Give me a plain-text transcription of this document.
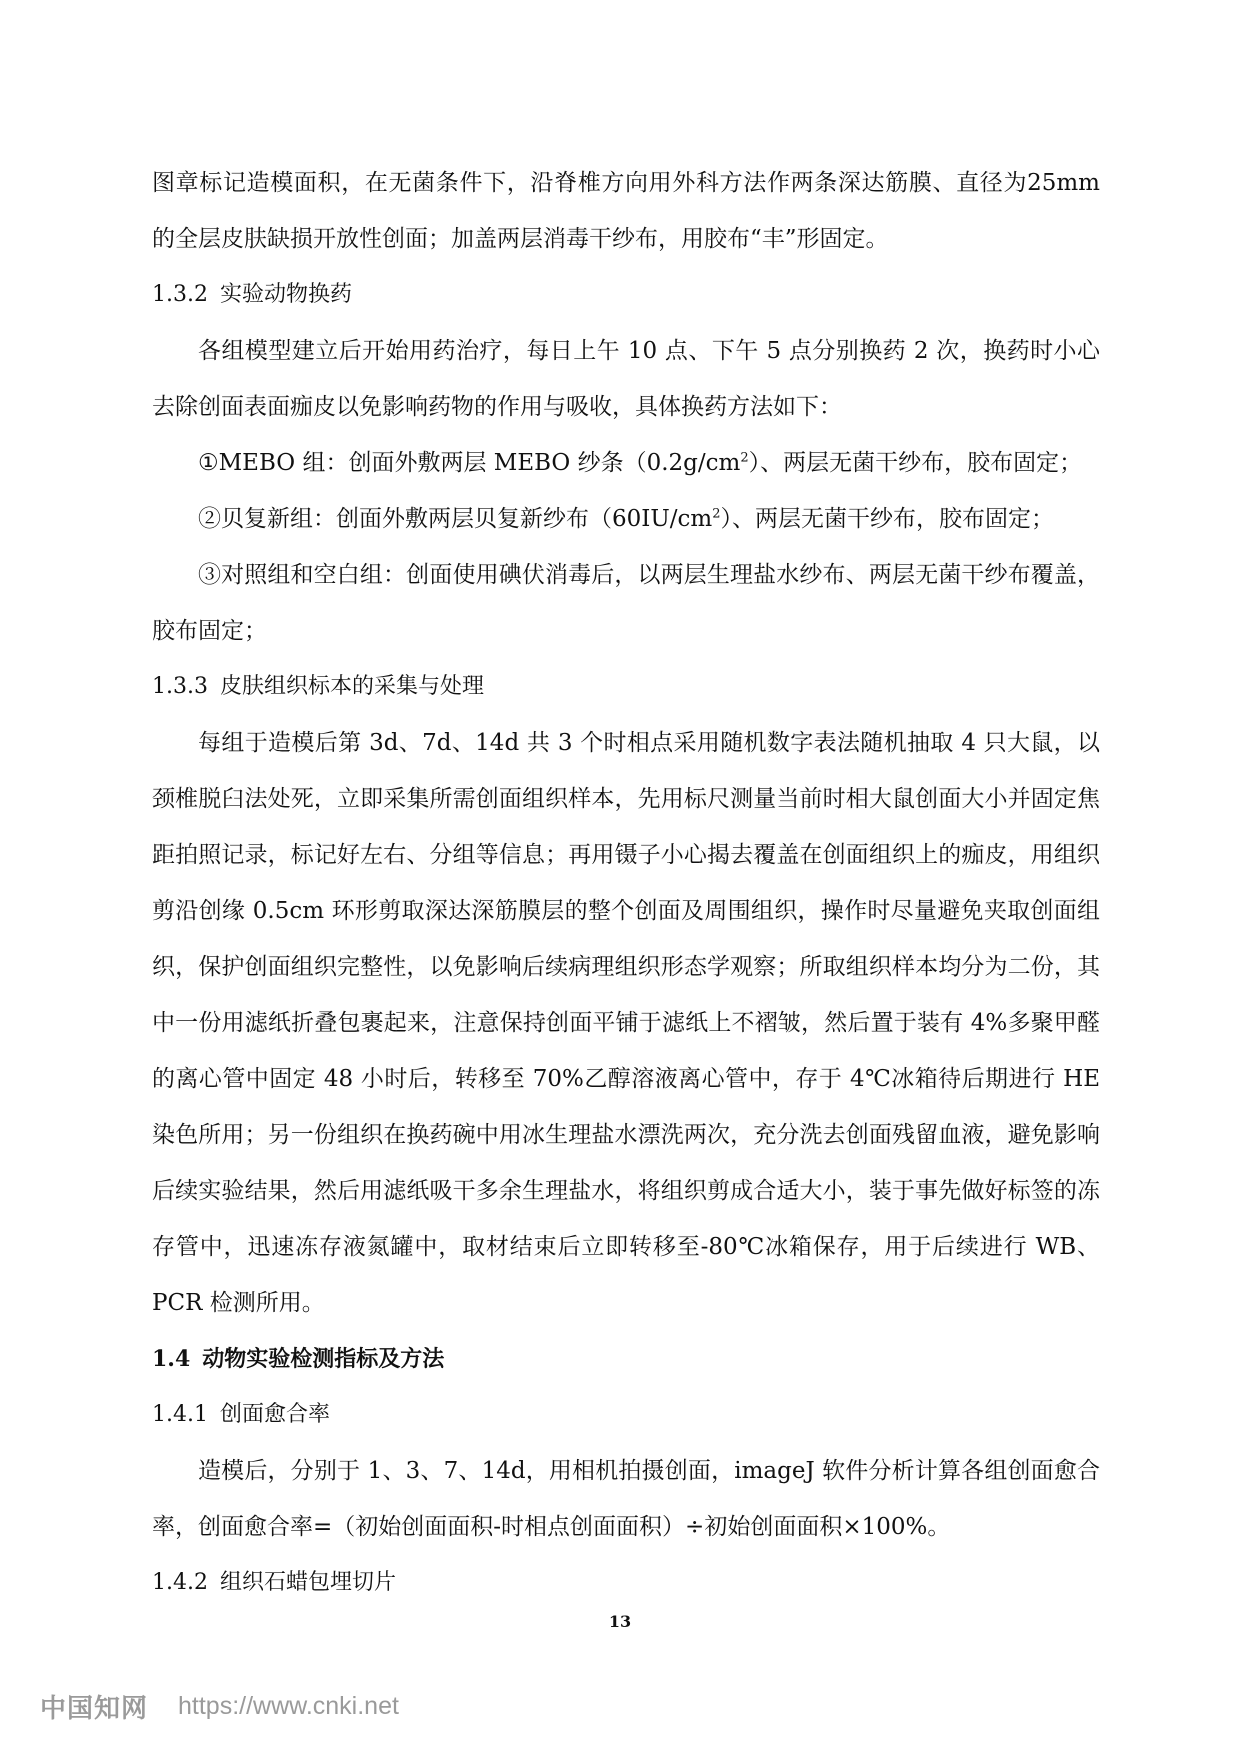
图章标记造模面积，在无菌条件下，沿脊椎方向用外科方法作两条深达筋膜、直径为25mm 的全层皮肤缺损开放性创面；加盖两层消毒干纱布，用胶布“丰”形固定。

1.3.2 实验动物换药

各组模型建立后开始用药治疗，每日上午 10 点、下午 5 点分别换药 2 次，换药时小心去除创面表面痂皮以免影响药物的作用与吸收，具体换药方法如下：

①MEBO 组：创面外敷两层 MEBO 纱条$(0.2g/cm^2)$、两层无菌干纱布，胶布固定；

②贝复新组：创面外敷两层贝复新纱布$(60IU/cm^2)$、两层无菌干纱布，胶布固定；

③对照组和空白组：创面使用碘伏消毒后，以两层生理盐水纱布、两层无菌干纱布覆盖，胶布固定；

1.3.3 皮肤组织标本的采集与处理

每组于造模后第 3d、7d、14d 共 3 个时相点采用随机数字表法随机抽取 4 只大鼠，以颈椎脱臼法处死，立即采集所需创面组织样本，先用标尺测量当前时相大鼠创面大小并固定焦距拍照记录，标记好左右、分组等信息；再用镊子小心揭去覆盖在创面组织上的痂皮，用组织剪沿创缘 0.5cm 环形剪取深达深筋膜层的整个创面及周围组织，操作时尽量避免夹取创面组织，保护创面组织完整性，以免影响后续病理组织形态学观察；所取组织样本均分为二份，其中一份用滤纸折叠包裹起来，注意保持创面平铺于滤纸上不褶皱，然后置于装有 4%多聚甲醛的离心管中固定 48 小时后，转移至 70%乙醇溶液离心管中，存于 4℃冰箱待后期进行 HE 染色所用；另一份组织在换药碗中用冰生理盐水漂洗两次，充分洗去创面残留血液，避免影响后续实验结果，然后用滤纸吸干多余生理盐水，将组织剪成合适大小，装于事先做好标签的冻存管中，迅速冻存液氮罐中，取材结束后立即转移至-80℃冰箱保存，用于后续进行 WB、PCR 检测所用。

1.4 动物实验检测指标及方法

1.4.1 创面愈合率

造模后，分别于 1、3、7、14d，用相机拍摄创面，imageJ 软件分析计算各组创面愈合率，创面愈合率=（初始创面面积-时相点创面面积）÷初始创面面积×100%。

1.4.2 组织石蜡包埋切片

13
中国知网 https://www.cnki.net
